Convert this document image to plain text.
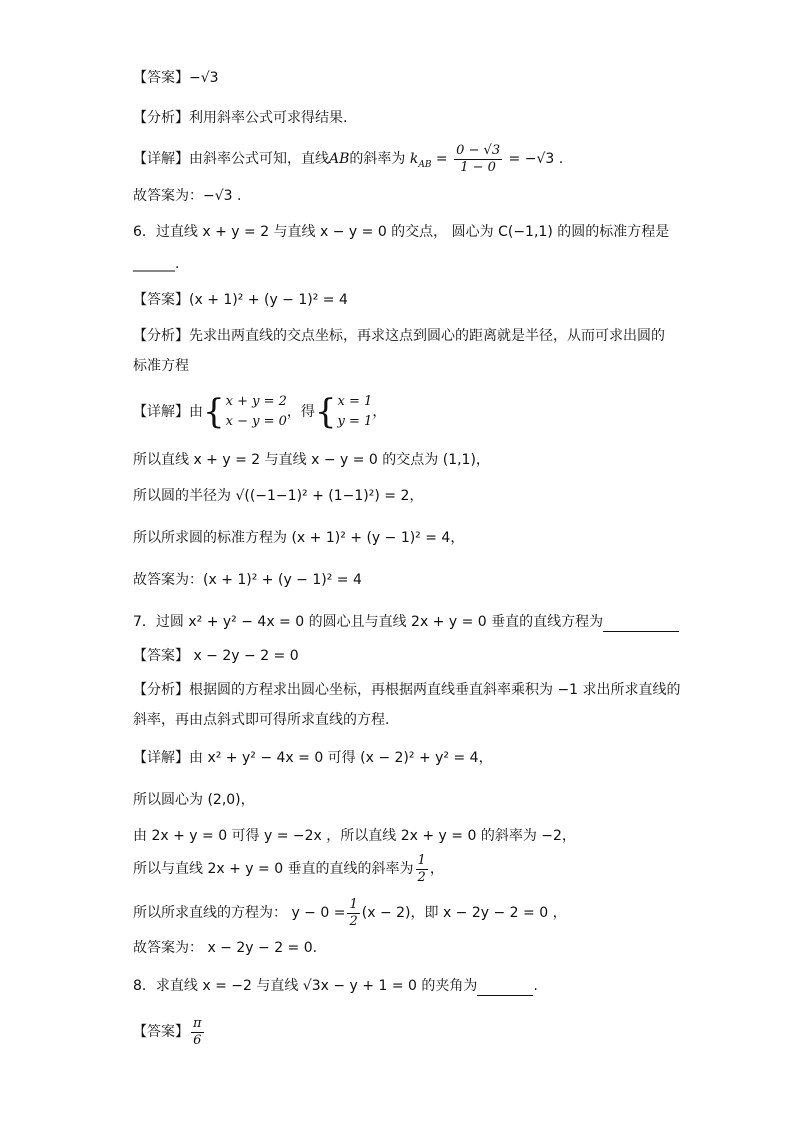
【答案】−√3
【分析】利用斜率公式可求得结果.
【详解】由斜率公式可知，直线AB的斜率为 $k_{AB} = \frac{0 - √3}{1 - 0} = -√3$ .
故答案为：−√3 .
6．过直线 x + y = 2 与直线 x − y = 0 的交点， 圆心为 C(−1,1) 的圆的标准方程是
______.
【答案】(x + 1)² + (y − 1)² = 4
【分析】先求出两直线的交点坐标，再求这点到圆心的距离就是半径，从而可求出圆的
标准方程
【详解】由{ x + y = 2
x − y = 0
，得{ x = 1
y = 1
，
所以直线 x + y = 2 与直线 x − y = 0 的交点为 (1,1)，
所以圆的半径为 √((−1−1)² + (1−1)²) = 2，
所以所求圆的标准方程为 (x + 1)² + (y − 1)² = 4，
故答案为：(x + 1)² + (y − 1)² = 4
7．过圆 x² + y² − 4x = 0 的圆心且与直线 2x + y = 0 垂直的直线方程为
【答案】 x − 2y − 2 = 0
【分析】根据圆的方程求出圆心坐标，再根据两直线垂直斜率乘积为 −1 求出所求直线的
斜率，再由点斜式即可得所求直线的方程.
【详解】由 x² + y² − 4x = 0 可得 (x − 2)² + y² = 4，
所以圆心为 (2,0)，
由 2x + y = 0 可得 y = −2x ，所以直线 2x + y = 0 的斜率为 −2，
所以与直线 2x + y = 0 垂直的直线的斜率为 $\frac{1}{2}$ ，
所以所求直线的方程为： $y - 0 = \frac{1}{2} (x - 2)$，即 x − 2y − 2 = 0 ，
故答案为： x − 2y − 2 = 0.
8．求直线 x = −2 与直线 √3x − y + 1 = 0 的夹角为	.
【答案】 $\frac{\pi}{6}$
